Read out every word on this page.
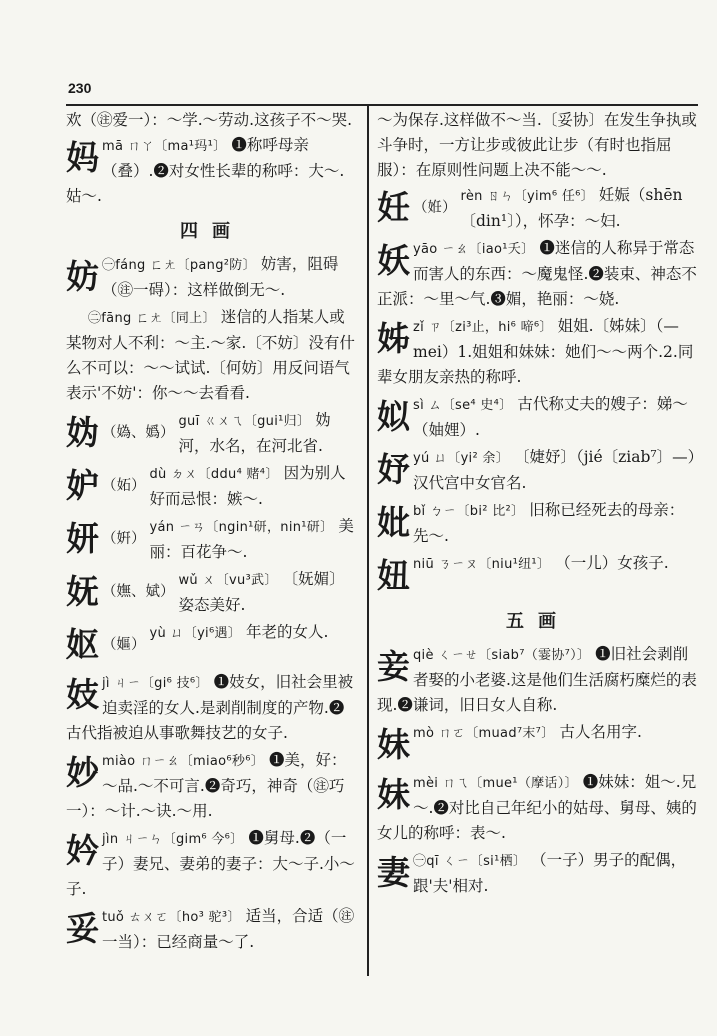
230

欢（㊟爱一）：～学.～劳动.这孩子不～哭.

妈 mā ㄇㄚ〔ma¹玛¹〕 ❶称呼母亲（叠）.❷对女性长辈的称呼：大～.姑～.

四画
妨 ㊀fáng ㄈㄤ〔pang²防〕 妨害，阻碍（㊟一碍）：这样做倒无～.

㊁fāng ㄈㄤ〔同上〕 迷信的人指某人或某物对人不利：～主.～家.〔不妨〕没有什么不可以：～～试试.〔何妨〕用反问语气表示'不妨'：你～～去看看.

妫 （媯、嬀）

guī ㄍㄨㄟ〔gui¹归〕 妫河，水名，在河北省.

妒 （妬）

dù ㄉㄨ〔ddu⁴ 赌⁴〕 因为别人好而忌恨：嫉～.

妍 （姸）

yán ㄧㄢ〔ngin¹研，nin¹研〕 美丽：百花争～.

妩 （嫵、娬）

wǔ ㄨ〔vu³武〕 〔妩媚〕姿态美好.

妪 （嫗）

yù ㄩ〔yi⁶遇〕 年老的女人.

妓 jì ㄐㄧ〔gi⁶ 技⁶〕 ❶妓女，旧社会里被迫卖淫的女人.是剥削制度的产物.❷古代指被迫从事歌舞技艺的女子.

妙 miào ㄇㄧㄠ〔miao⁶秒⁶〕 ❶美，好：～品.～不可言.❷奇巧，神奇（㊟巧一）：～计.～诀.～用.

妗 jìn ㄐㄧㄣ〔gim⁶ 今⁶〕 ❶舅母.❷（一子）妻兄、妻弟的妻子：大～子.小～子.

妥 tuǒ ㄊㄨㄛ〔ho³ 驼³〕 适当，合适（㊟一当）：已经商量～了.

～为保存.这样做不～当.〔妥协〕在发生争执或斗争时，一方让步或彼此让步（有时也指屈服）：在原则性问题上决不能～～.

妊 （姙）

rèn ㄖㄣ〔yim⁶ 任⁶〕 妊娠（shēn〔din¹〕），怀孕：～妇.

妖 yāo ㄧㄠ〔iao¹夭〕 ❶迷信的人称异于常态而害人的东西：～魔鬼怪.❷装束、神态不正派：～里～气.❸媚，艳丽：～娆.

姊 zǐ ㄗ〔zi³止，hi⁶ 啼⁶〕 姐姐.〔姊妹〕（—mei）1.姐姐和妹妹：她们～～两个.2.同辈女朋友亲热的称呼.

姒 sì ㄙ〔se⁴ 史⁴〕 古代称丈夫的嫂子：娣～（妯娌）.

妤 yú ㄩ〔yi² 余〕 〔婕妤〕（jié〔ziab⁷〕—）汉代宫中女官名.

妣 bǐ ㄅㄧ〔bi² 比²〕 旧称已经死去的母亲：先～.

妞 niū ㄋㄧㄡ〔niu¹纽¹〕 （一儿）女孩子.

五画
妾 qiè ㄑㄧㄝ〔siab⁷（霎协⁷）〕 ❶旧社会剥削者娶的小老婆.这是他们生活腐朽糜烂的表现.❷谦词，旧日女人自称.

妹 mò ㄇㄛ〔muad⁷末⁷〕 古人名用字.

妹 mèi ㄇㄟ〔mue¹（摩话）〕 ❶妹妹：姐～.兄～.❷对比自己年纪小的姑母、舅母、姨的女儿的称呼：表～.

妻 ㊀qī ㄑㄧ〔si¹栖〕 （一子）男子的配偶，跟'夫'相对.
